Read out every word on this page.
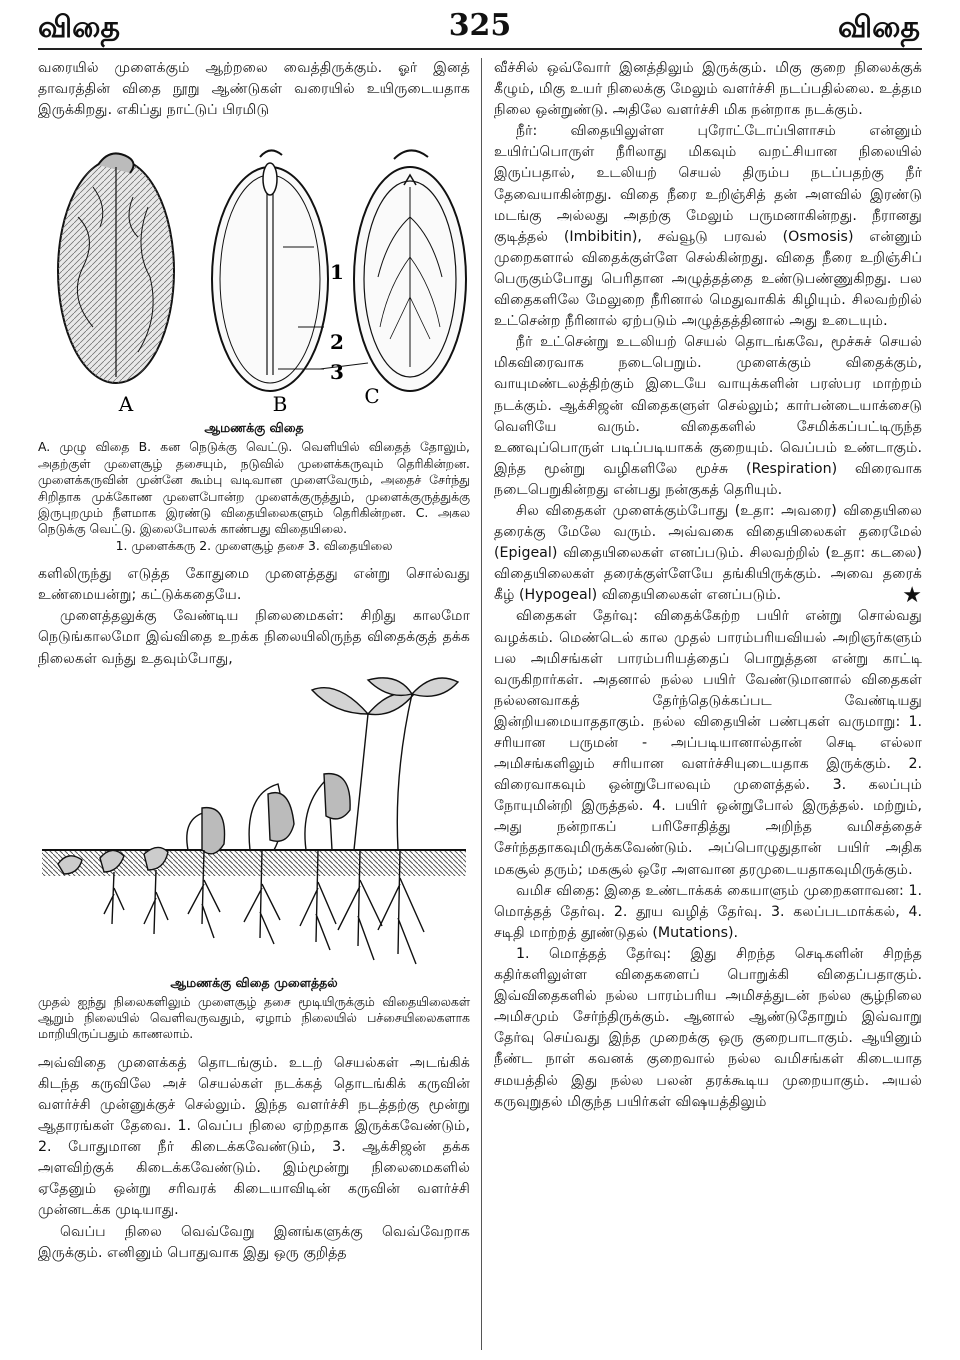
விதை	325	விதை

வரையில் முளைக்கும் ஆற்றலை வைத்திருக்கும். ஓர் இனத் தாவரத்தின் விதை நூறு ஆண்டுகள் வரையில் உயிருடையதாக இருக்கிறது. எகிப்து நாட்டுப் பிரமிடு

1
2
3
A	B	C
ஆமணக்கு விதை

A. முழு விதை B. கன நெடுக்கு வெட்டு. வெளியில் விதைத் தோலும், அதற்குள் முளைசூழ் தசையும், நடுவில் முளைக்கருவும் தெரிகின்றன. முளைக்கருவின் முன்னே கூம்பு வடிவான முளைவேரும், அதைச் சேர்ந்து சிறிதாக முக்கோண முளைபோன்ற முளைக்குருத்தும், முளைக்குருத்துக்கு இருபுறமும் நீளமாக இரண்டு விதையிலைகளும் தெரிகின்றன. C. அகல நெடுக்கு வெட்டு. இலைபோலக் காண்பது விதையிலை.

1. முளைக்கரு 2. முளைசூழ் தசை 3. விதையிலை

களிலிருந்து எடுத்த கோதுமை முளைத்தது என்று சொல்வது உண்மையன்று; கட்டுக்கதையே.

முளைத்தலுக்கு வேண்டிய நிலைமைகள்: சிறிது காலமோ நெடுங்காலமோ இவ்விதை உறக்க நிலையிலிருந்த விதைக்குத் தக்க நிலைகள் வந்து உதவும்போது,

ஆமணக்கு விதை முளைத்தல்

முதல் ஐந்து நிலைகளிலும் முளைசூழ் தசை மூடியிருக்கும் விதையிலைகள் ஆறும் நிலையில் வெளிவருவதும், ஏழாம் நிலையில் பச்சையிலைகளாக மாறியிருப்பதும் காணலாம்.

அவ்விதை முளைக்கத் தொடங்கும். உடற் செயல்கள் அடங்கிக் கிடந்த கருவிலே அச் செயல்கள் நடக்கத் தொடங்கிக் கருவின் வளர்ச்சி முன்னுக்குச் செல்லும். இந்த வளர்ச்சி நடத்தற்கு மூன்று ஆதாரங்கள் தேவை. 1. வெப்ப நிலை ஏற்றதாக இருக்கவேண்டும், 2. போதுமான நீர் கிடைக்கவேண்டும், 3. ஆக்சிஜன் தக்க அளவிற்குக் கிடைக்கவேண்டும். இம்மூன்று நிலைமைகளில் ஏதேனும் ஒன்று சரிவரக் கிடையாவிடின் கருவின் வளர்ச்சி முன்னடக்க முடியாது.

வெப்ப நிலை வெவ்வேறு இனங்களுக்கு வெவ்வேறாக இருக்கும். எனினும் பொதுவாக இது ஒரு குறித்த

வீச்சில் ஒவ்வோர் இனத்திலும் இருக்கும். மிகு குறை நிலைக்குக் கீழும், மிகு உயர் நிலைக்கு மேலும் வளர்ச்சி நடப்பதில்லை. உத்தம நிலை ஒன்றுண்டு. அதிலே வளர்ச்சி மிக நன்றாக நடக்கும்.

நீர்: விதையிலுள்ள புரோட்டோப்பிளாசம் என்னும் உயிர்ப்பொருள் நீரிலாது மிகவும் வறட்சியான நிலையில் இருப்பதால், உடலியற் செயல் திரும்ப நடப்பதற்கு நீர் தேவையாகின்றது. விதை நீரை உறிஞ்சித் தன் அளவில் இரண்டு மடங்கு அல்லது அதற்கு மேலும் பருமனாகின்றது. நீரானது குடித்தல் (Imbibitin), சவ்வூடு பரவல் (Osmosis) என்னும் முறைகளால் விதைக்குள்ளே செல்கின்றது. விதை நீரை உறிஞ்சிப் பெருகும்போது பெரிதான அழுத்தத்தை உண்டுபண்ணுகிறது. பல விதைகளிலே மேலுறை நீரினால் மெதுவாகிக் கிழியும். சிலவற்றில் உட்சென்ற நீரினால் ஏற்படும் அழுத்தத்தினால் அது உடையும்.

நீர் உட்சென்று உடலியற் செயல் தொடங்கவே, மூச்சுச் செயல் மிகவிரைவாக நடைபெறும். முளைக்கும் விதைக்கும், வாயுமண்டலத்திற்கும் இடையே வாயுக்களின் பரஸ்பர மாற்றம் நடக்கும். ஆக்சிஜன் விதைகளுள் செல்லும்; கார்பன்டையாக்சைடு வெளியே வரும். விதைகளில் சேமிக்கப்பட்டிருந்த உணவுப்பொருள் படிப்படியாகக் குறையும். வெப்பம் உண்டாகும். இந்த மூன்று வழிகளிலே மூச்சு (Respiration) விரைவாக நடைபெறுகின்றது என்பது நன்குகத் தெரியும்.

சில விதைகள் முளைக்கும்போது (உதா: அவரை) விதையிலை தரைக்கு மேலே வரும். அவ்வகை விதையிலைகள் தரைமேல் (Epigeal) விதையிலைகள் எனப்படும். சிலவற்றில் (உதா: கடலை) விதையிலைகள் தரைக்குள்ளேயே தங்கியிருக்கும். அவை தரைக் கீழ் (Hypogeal) விதையிலைகள் எனப்படும்.	★

விதைகள் தேர்வு: விதைக்கேற்ற பயிர் என்று சொல்வது வழக்கம். மெண்டெல் கால முதல் பாரம்பரியவியல் அறிஞர்களும் பல அமிசங்கள் பாரம்பரியத்தைப் பொறுத்தன என்று காட்டி வருகிறார்கள். அதனால் நல்ல பயிர் வேண்டுமானால் விதைகள் நல்லனவாகத் தேர்ந்தெடுக்கப்பட வேண்டியது இன்றியமையாததாகும். நல்ல விதையின் பண்புகள் வருமாறு: 1. சரியான பருமன் - அப்படியானால்தான் செடி எல்லா அமிசங்களிலும் சரியான வளர்ச்சியுடையதாக இருக்கும். 2. விரைவாகவும் ஒன்றுபோலவும் முளைத்தல். 3. கலப்பும் நோயுமின்றி இருத்தல். 4. பயிர் ஒன்றுபோல் இருத்தல். மற்றும், அது நன்றாகப் பரிசோதித்து அறிந்த வமிசத்தைச் சேர்ந்ததாகவுமிருக்கவேண்டும். அப்பொழுதுதான் பயிர் அதிக மகசூல் தரும்; மகசூல் ஒரே அளவான தரமுடையதாகவுமிருக்கும்.

வமிச விதை: இதை உண்டாக்கக் கையாளும் முறைகளாவன: 1. மொத்தத் தேர்வு. 2. தூய வழித் தேர்வு. 3. கலப்படமாக்கல், 4. சடிதி மாற்றத் தூண்டுதல் (Mutations).

1. மொத்தத் தேர்வு: இது சிறந்த செடிகளின் சிறந்த கதிர்களிலுள்ள விதைகளைப் பொறுக்கி விதைப்பதாகும். இவ்விதைகளில் நல்ல பாரம்பரிய அமிசத்துடன் நல்ல சூழ்நிலை அமிசமும் சேர்ந்திருக்கும். ஆனால் ஆண்டுதோறும் இவ்வாறு தேர்வு செய்வது இந்த முறைக்கு ஒரு குறைபாடாகும். ஆயினும் நீண்ட நாள் கவனக் குறைவால் நல்ல வமிசங்கள் கிடையாத சமயத்தில் இது நல்ல பலன் தரக்கூடிய முறையாகும். அயல் கருவுறுதல் மிகுந்த பயிர்கள் விஷயத்திலும்
